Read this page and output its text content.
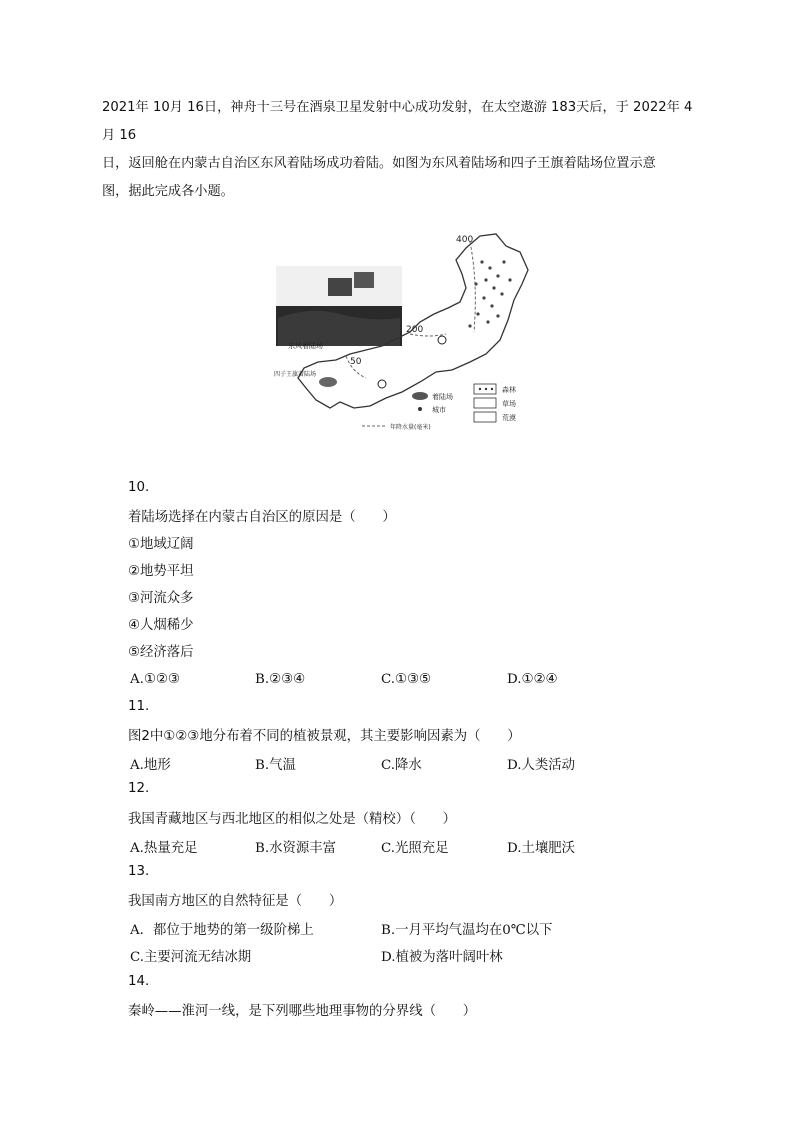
2021年 10月 16日，神舟十三号在酒泉卫星发射中心成功发射，在太空遨游 183天后，于 2022年 4月 16

日，返回舱在内蒙古自治区东风着陆场成功着陆。如图为东风着陆场和四子王旗着陆场位置示意

图，据此完成各小题。

东风着陆场
400
200
50
四子王旗着陆场
着陆场
城市
森林
草场
荒漠
年降水量(毫米)
10.
着陆场选择在内蒙古自治区的原因是（　　）
①地域辽阔
②地势平坦
③河流众多
④人烟稀少
⑤经济落后
A.①②③	B.②③④	C.①③⑤	D.①②④
11.
图2中①②③地分布着不同的植被景观，其主要影响因素为（　　）
A.地形	B.气温	C.降水	D.人类活动
12.
我国青藏地区与西北地区的相似之处是（精校）（　　）
A.热量充足	B.水资源丰富	C.光照充足	D.土壤肥沃
13.
我国南方地区的自然特征是（　　）
A．都位于地势的第一级阶梯上	B.一月平均气温均在0℃以下
C.主要河流无结冰期	D.植被为落叶阔叶林
14.
秦岭——淮河一线，是下列哪些地理事物的分界线（　　）
